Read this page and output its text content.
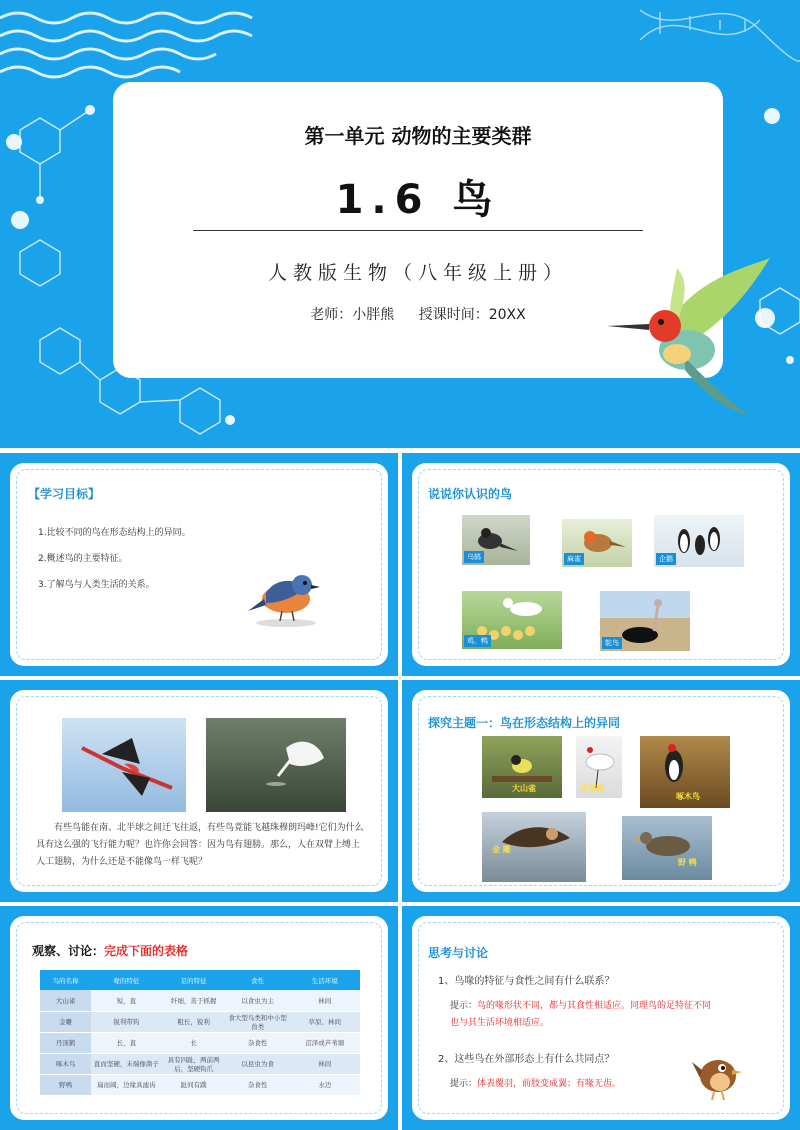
第一单元 动物的主要类群
1.6 鸟
人教版生物（八年级上册）
老师：小胖熊 授课时间：20XX
【学习目标】
1.比较不同的鸟在形态结构上的异同。
2.概述鸟的主要特征。
3.了解鸟与人类生活的关系。
说说你认识的鸟
乌鸫	麻雀	企鹅
鸡、鸭	鸵鸟
有些鸟能在南、北半球之间迁飞往返，有些鸟竟能飞越珠穆朗玛峰!它们为什么具有这么强的飞行能力呢？也许你会回答：因为鸟有翅膀。那么，人在双臂上缚上人工翅膀，为什么还是不能像鸟一样飞呢？
探究主题一：鸟在形态结构上的异同
大山雀	丹顶鹤
啄木鸟
金 雕
野 鸭
观察、讨论：完成下面的表格
鸟的名称	喙的特征	足的特征	食性	生活环境
大山雀	短，直	纤细，善于抓握	以食虫为主	林间
金雕	锐利带钩	粗长，锐利	食大型鸟类和中小型兽类	草原、林间
丹顶鹤	长，直	长	杂食性	沼泽或芦苇塘
啄木鸟	直而坚硬，末端像凿子	具有四趾，两前两后，坚硬钩爪	以昆虫为食	林间
野鸭	扁而阔，边缘具滤齿	趾间有蹼	杂食性	水边
思考与讨论
1、鸟喙的特征与食性之间有什么联系？
提示：鸟的喙形状不同，都与其食性相适应。同理鸟的足特征不同也与其生活环境相适应。
2、这些鸟在外部形态上有什么共同点？
提示：体表覆羽，前肢变成翼；有喙无齿。
